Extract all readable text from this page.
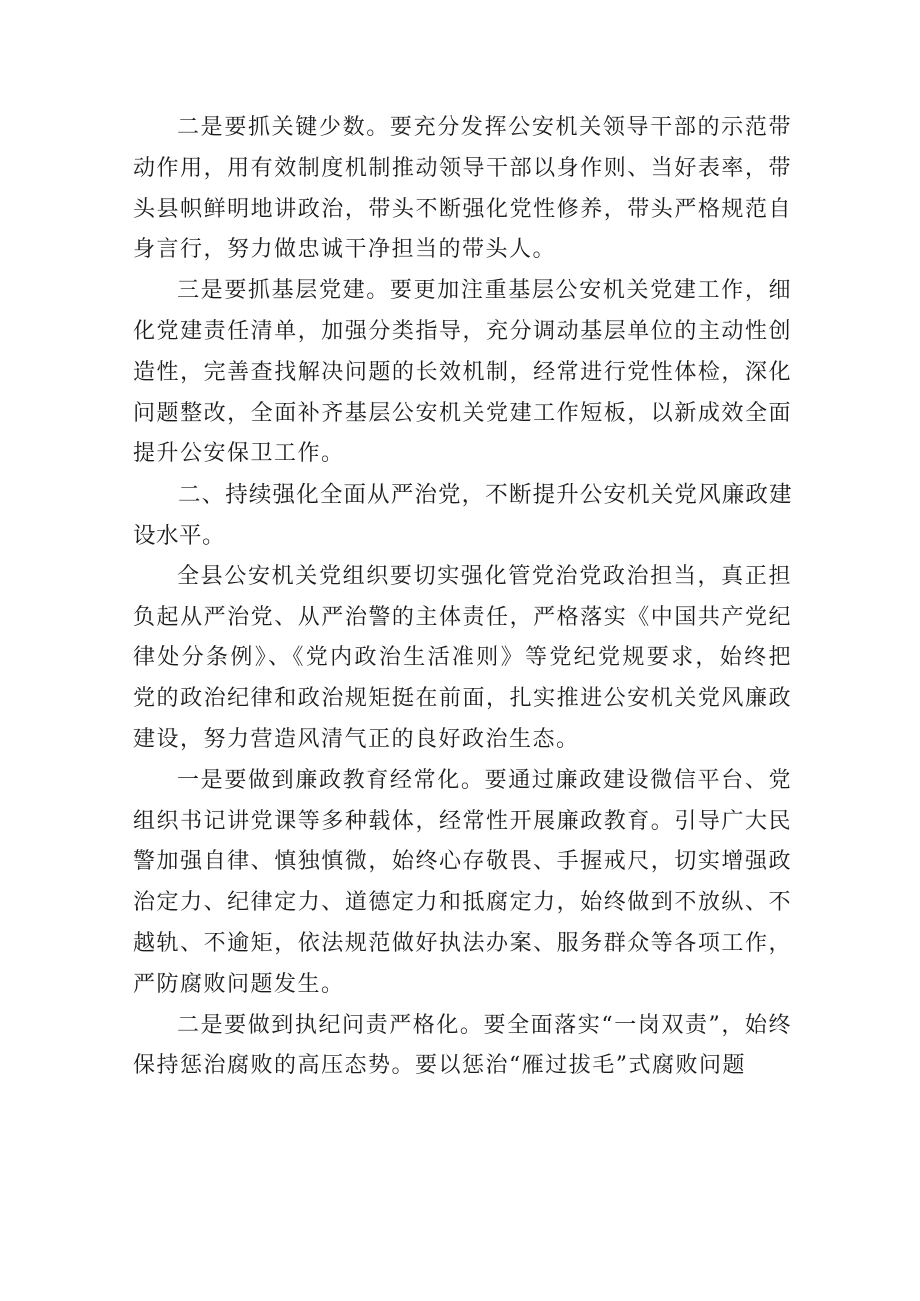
二是要抓关键少数。要充分发挥公安机关领导干部的示范带动作用，用有效制度机制推动领导干部以身作则、当好表率，带头县帜鲜明地讲政治，带头不断强化党性修养，带头严格规范自身言行，努力做忠诚干净担当的带头人。

三是要抓基层党建。要更加注重基层公安机关党建工作，细化党建责任清单，加强分类指导，充分调动基层单位的主动性创造性，完善查找解决问题的长效机制，经常进行党性体检，深化问题整改，全面补齐基层公安机关党建工作短板，以新成效全面提升公安保卫工作。

二、持续强化全面从严治党，不断提升公安机关党风廉政建设水平。

全县公安机关党组织要切实强化管党治党政治担当，真正担负起从严治党、从严治警的主体责任，严格落实《中国共产党纪律处分条例》、《党内政治生活准则》等党纪党规要求，始终把党的政治纪律和政治规矩挺在前面，扎实推进公安机关党风廉政建设，努力营造风清气正的良好政治生态。

一是要做到廉政教育经常化。要通过廉政建设微信平台、党组织书记讲党课等多种载体，经常性开展廉政教育。引导广大民警加强自律、慎独慎微，始终心存敬畏、手握戒尺，切实增强政治定力、纪律定力、道德定力和抵腐定力，始终做到不放纵、不越轨、不逾矩，依法规范做好执法办案、服务群众等各项工作，严防腐败问题发生。

二是要做到执纪问责严格化。要全面落实“一岗双责”，始终保持惩治腐败的高压态势。要以惩治“雁过拔毛”式腐败问题
